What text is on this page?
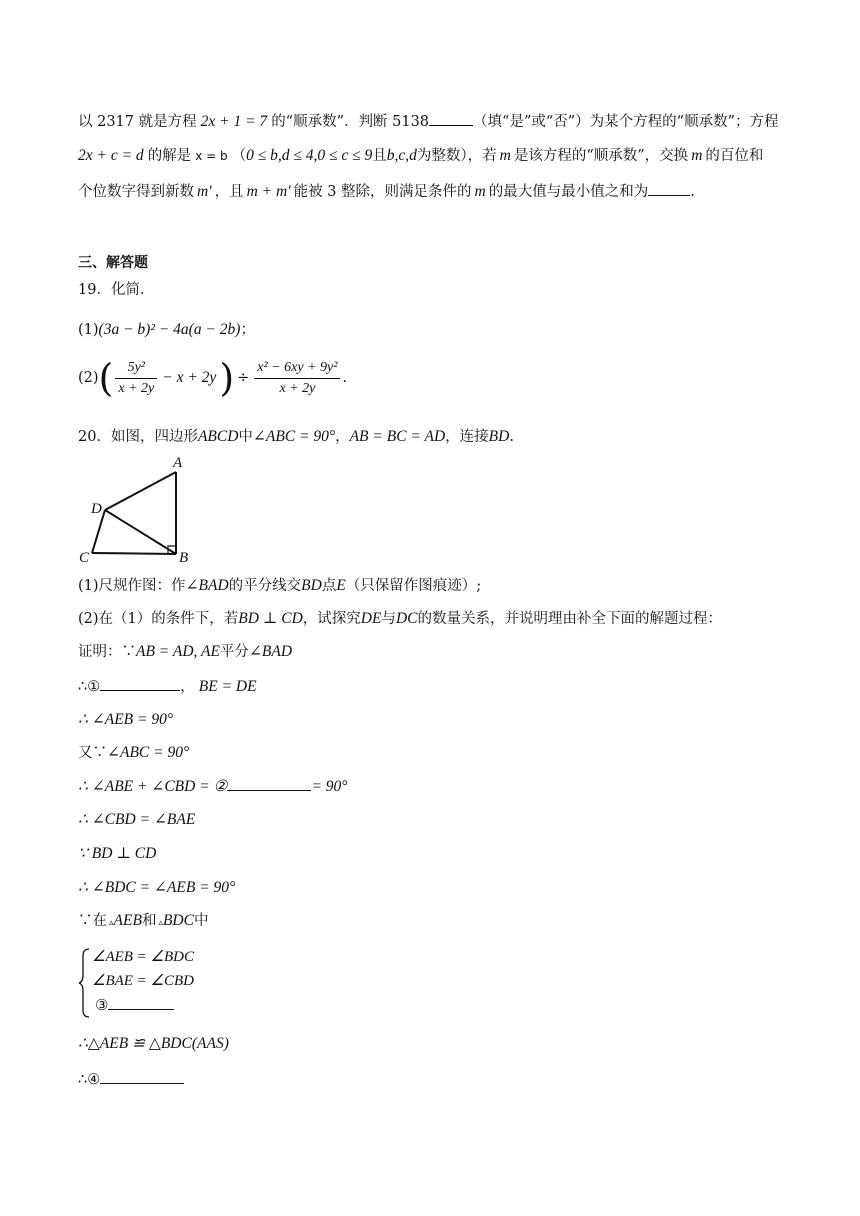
以 2317 就是方程 2x + 1 = 7 的“顺承数”．判断 5138	（填“是”或“否”）为某个方程的“顺承数”；方程
2x + c = d 的解是 x = b （0 ≤ b,d ≤ 4,0 ≤ c ≤ 9且b,c,d为整数），若 m 是该方程的“顺承数”，交换 m 的百位和
个位数字得到新数 m′ ，且 m + m′ 能被 3 整除，则满足条件的 m 的最大值与最小值之和为	.
三、解答题
19．化简．
(1)(3a − b)² − 4a(a − 2b)；
$(2)( \frac{\text{5y²}}{x + 2y} - x + 2y) \div \frac{\text{x² − 6xy + 9y²}}{x + 2y}$ .
20．如图，四边形ABCD中∠ABC = 90°，AB = BC = AD，连接BD.
A
B
C
D
(1)尺规作图：作∠BAD的平分线交BD点E（只保留作图痕迹）;
(2)在（1）的条件下，若BD ⊥ CD，试探究DE与DC的数量关系，并说明理由补全下面的解题过程：
证明：∵AB = AD, AE平分∠BAD
∴①	， BE = DE
∴ ∠AEB = 90°
又∵∠ABC = 90°
∴ ∠ABE + ∠CBD = ②	= 90°
∴ ∠CBD = ∠BAE
∵ BD ⊥ CD
∴ ∠BDC = ∠AEB = 90°
∵在 ▵AEB和 ▵BDC中
∠AEB = ∠BDC
∠BAE = ∠CBD
③
∴△AEB ≌ △BDC(AAS)
∴④
